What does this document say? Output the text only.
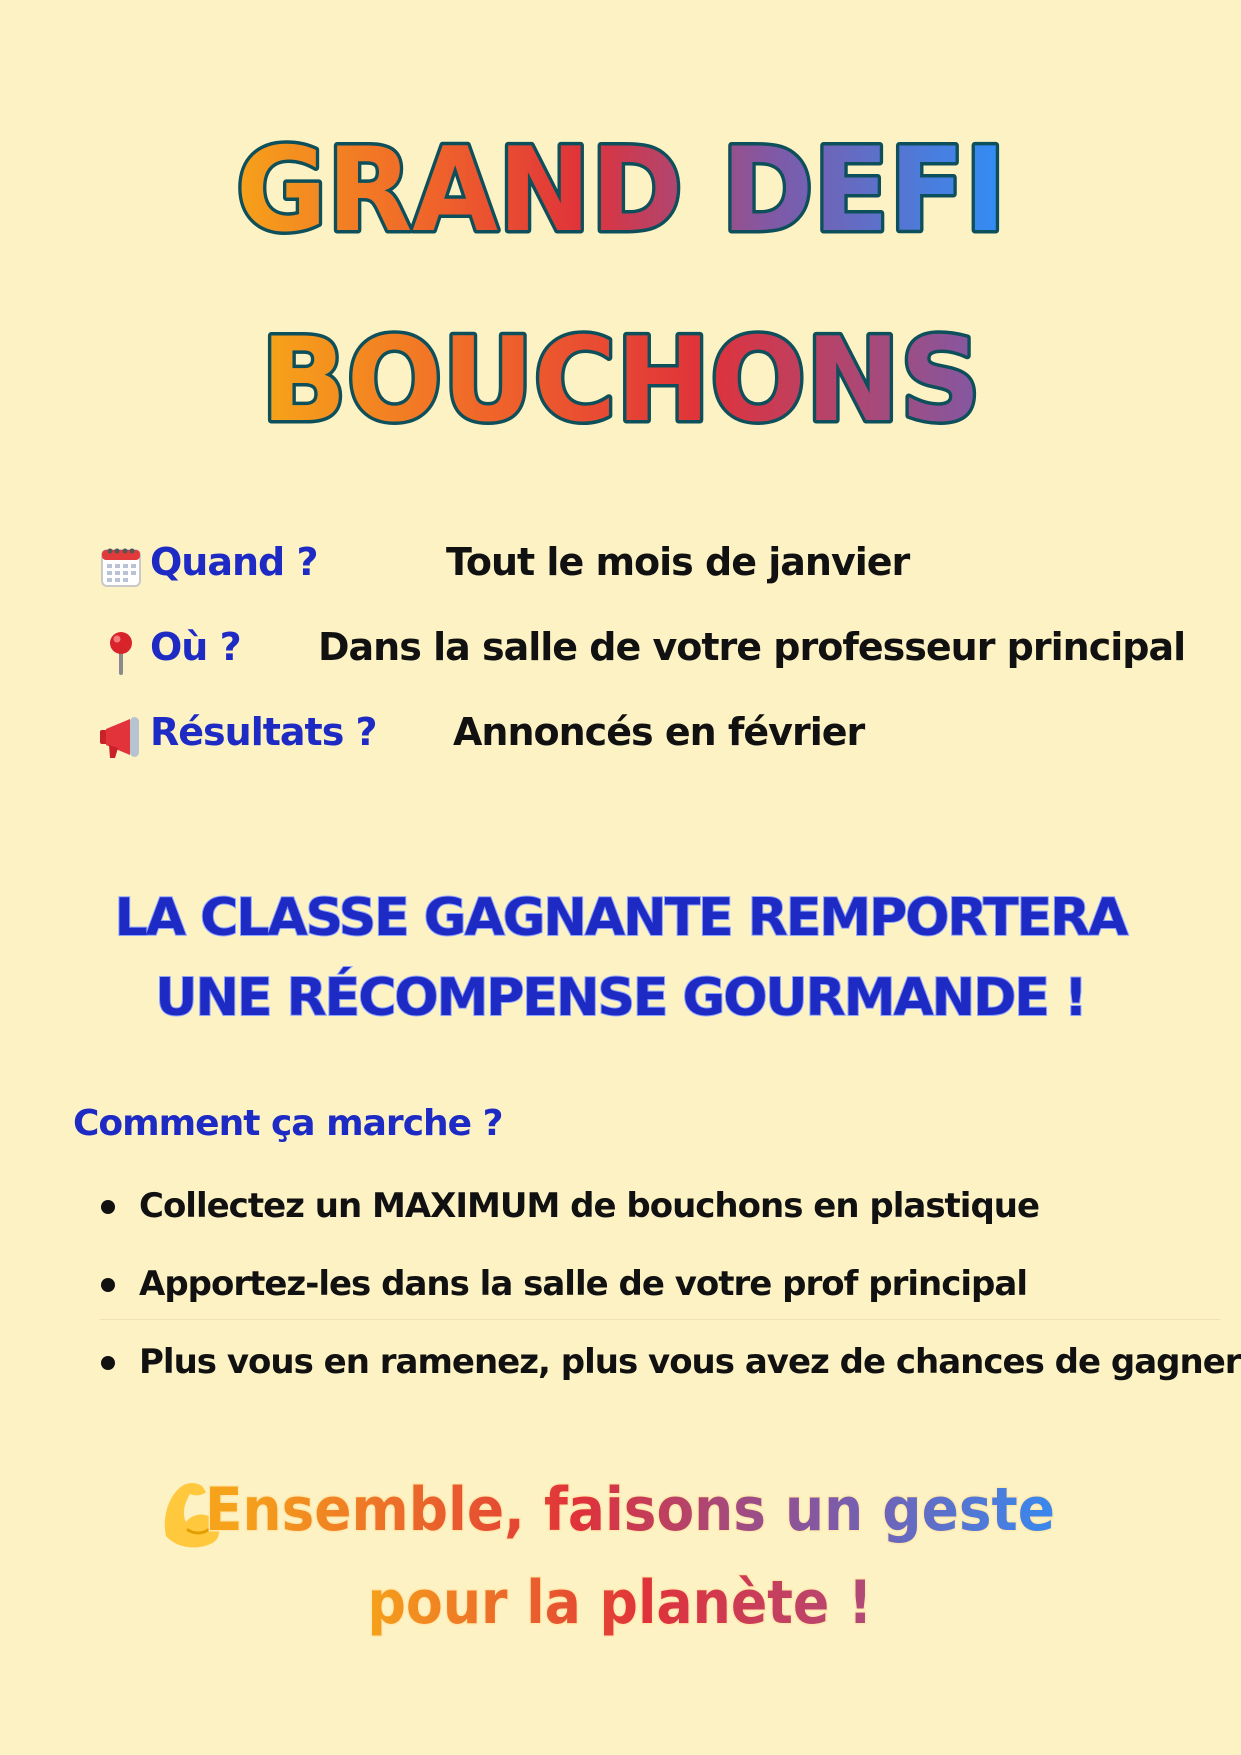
GRAND DEFI
BOUCHONS
Quand ?	Tout le mois de janvier
Où ? Dans la salle de votre professeur principal
Résultats ? Annoncés en février
LA CLASSE GAGNANTE REMPORTERA
UNE RÉCOMPENSE GOURMANDE !
Comment ça marche ?
Collectez un MAXIMUM de bouchons en plastique
Apportez-les dans la salle de votre prof principal
Plus vous en ramenez, plus vous avez de chances de gagner
Ensemble, faisons un geste
pour la planète !
